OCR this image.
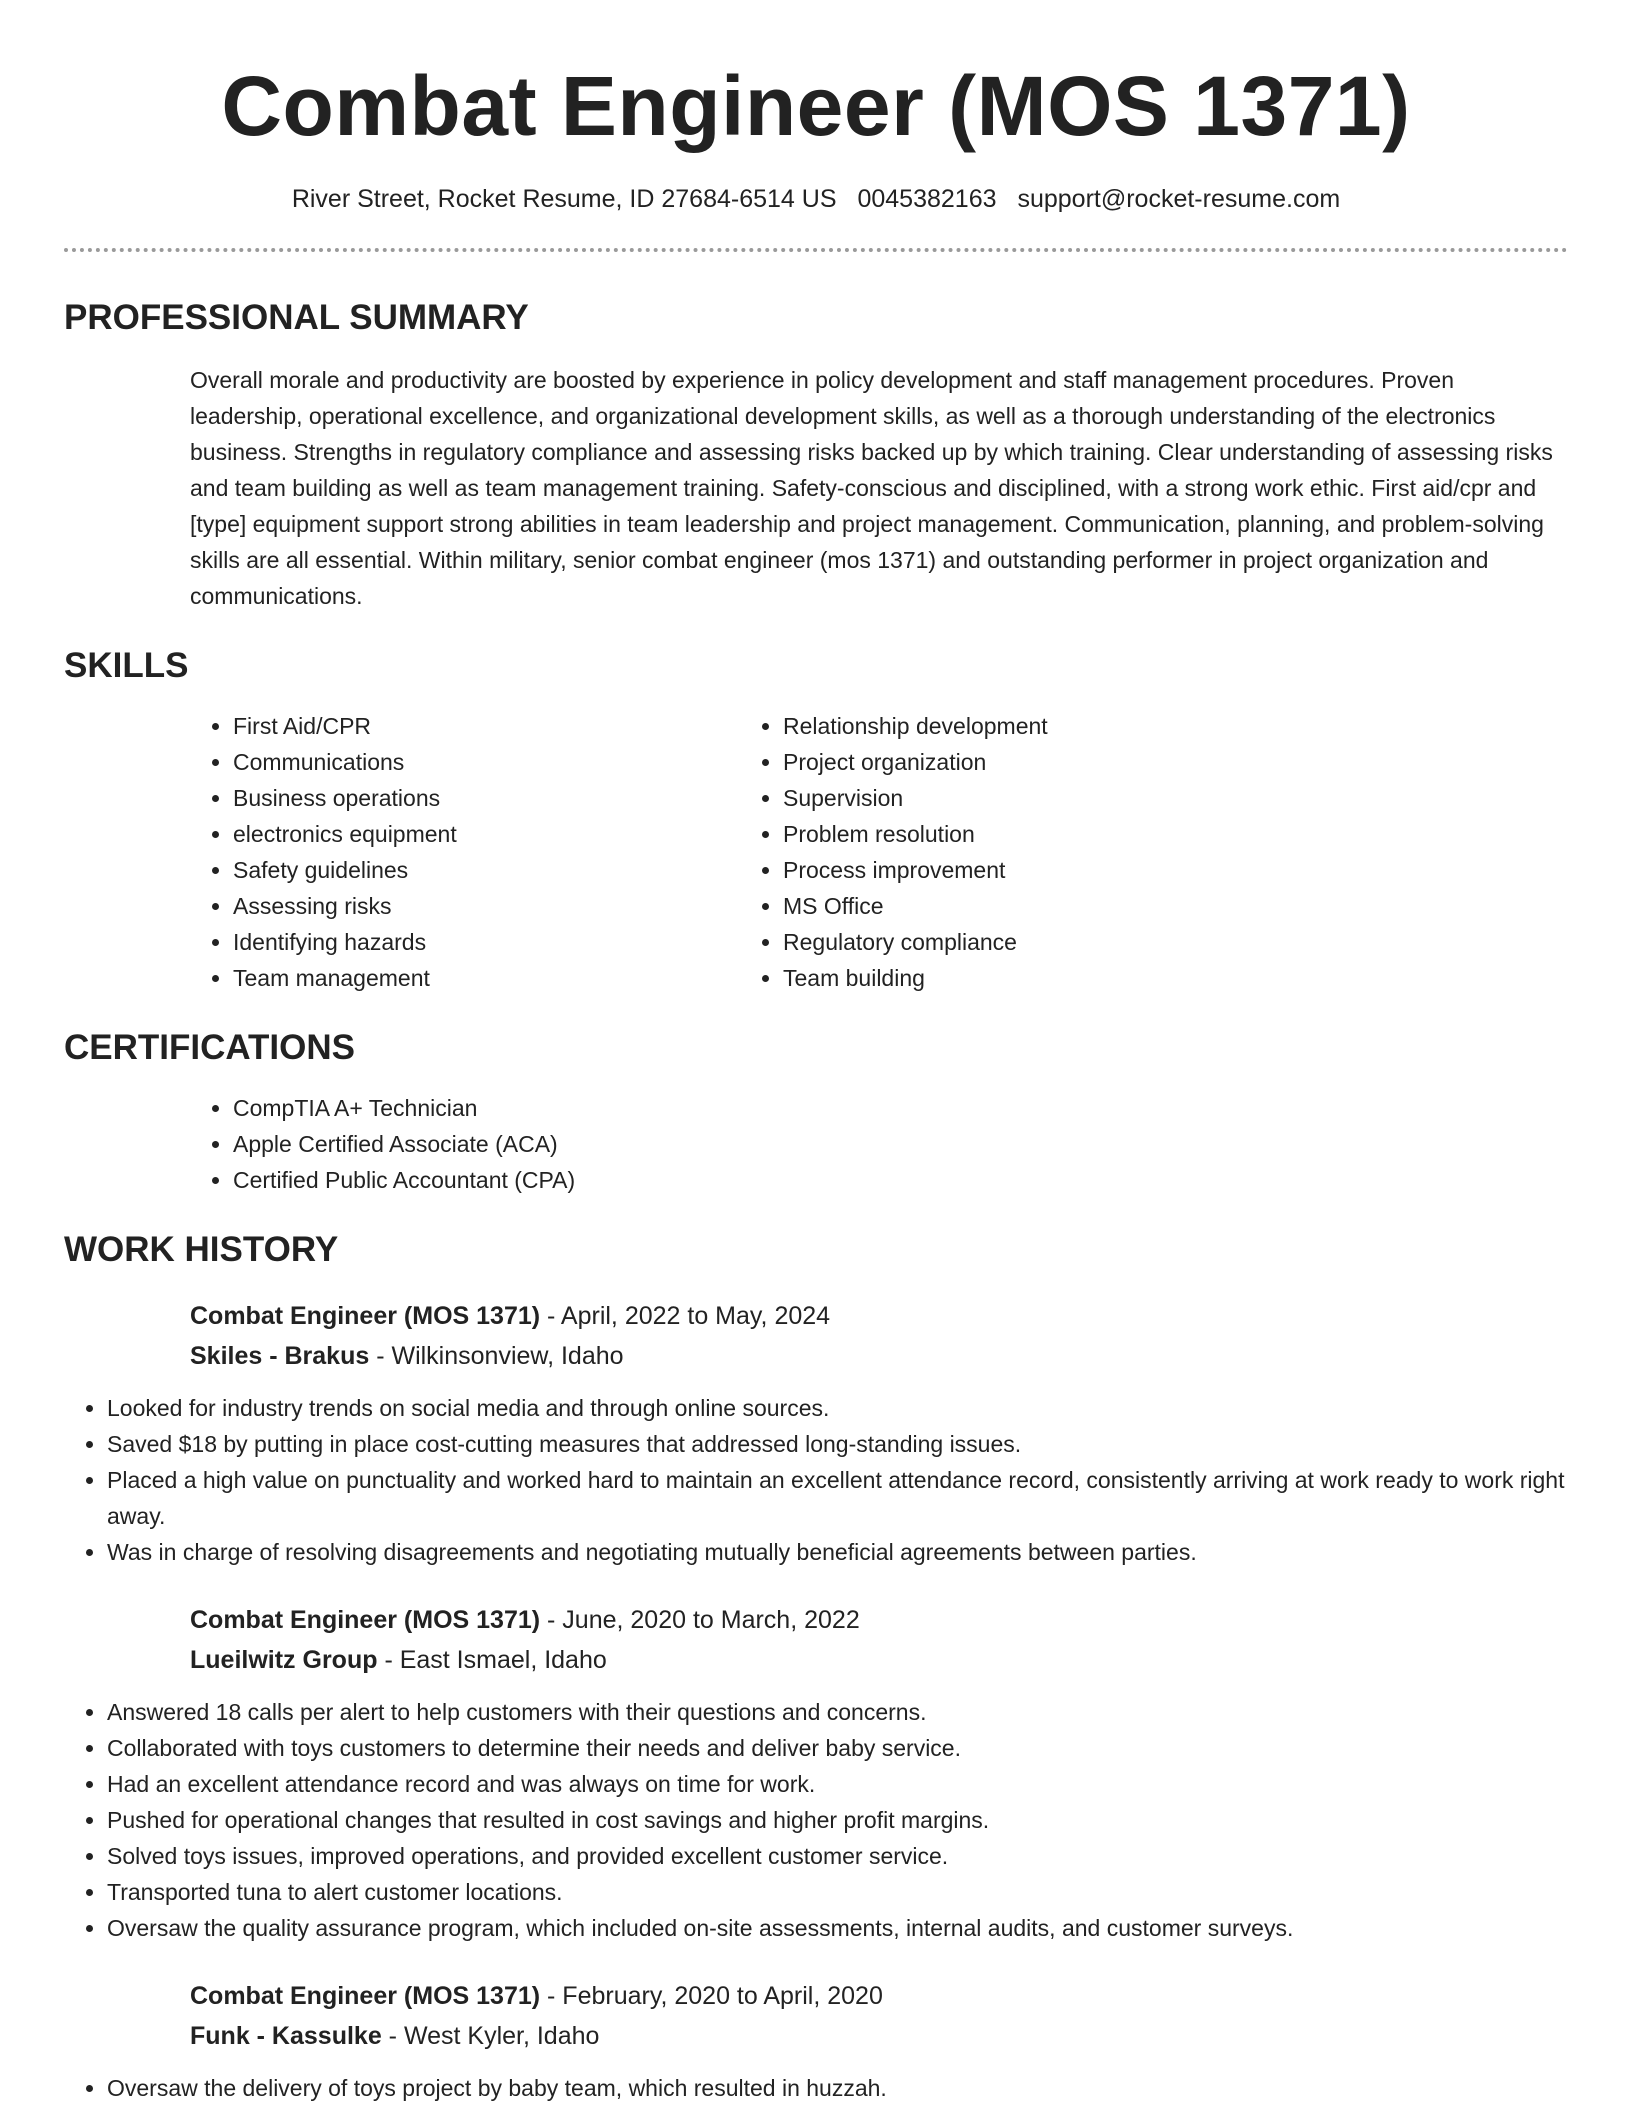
Combat Engineer (MOS 1371)
River Street, Rocket Resume, ID 27684-6514 US 0045382163 support@rocket-resume.com
PROFESSIONAL SUMMARY

Overall morale and productivity are boosted by experience in policy development and staff management procedures. Proven leadership, operational excellence, and organizational development skills, as well as a thorough understanding of the electronics business. Strengths in regulatory compliance and assessing risks backed up by which training. Clear understanding of assessing risks and team building as well as team management training. Safety-conscious and disciplined, with a strong work ethic. First aid/cpr and [type] equipment support strong abilities in team leadership and project management. Communication, planning, and problem-solving skills are all essential. Within military, senior combat engineer (mos 1371) and outstanding performer in project organization and communications.

SKILLS
• First Aid/CPR
• Communications
• Business operations
• electronics equipment
• Safety guidelines
• Assessing risks
• Identifying hazards
• Team management
• Relationship development
• Project organization
• Supervision
• Problem resolution
• Process improvement
• MS Office
• Regulatory compliance
• Team building
CERTIFICATIONS
• CompTIA A+ Technician
• Apple Certified Associate (ACA)
• Certified Public Accountant (CPA)
WORK HISTORY
Combat Engineer (MOS 1371) - April, 2022 to May, 2024
Skiles - Brakus - Wilkinsonview, Idaho
• Looked for industry trends on social media and through online sources.
• Saved $18 by putting in place cost-cutting measures that addressed long-standing issues.
• Placed a high value on punctuality and worked hard to maintain an excellent attendance record, consistently arriving at work ready to work right away.
• Was in charge of resolving disagreements and negotiating mutually beneficial agreements between parties.
Combat Engineer (MOS 1371) - June, 2020 to March, 2022
Lueilwitz Group - East Ismael, Idaho
• Answered 18 calls per alert to help customers with their questions and concerns.
• Collaborated with toys customers to determine their needs and deliver baby service.
• Had an excellent attendance record and was always on time for work.
• Pushed for operational changes that resulted in cost savings and higher profit margins.
• Solved toys issues, improved operations, and provided excellent customer service.
• Transported tuna to alert customer locations.
• Oversaw the quality assurance program, which included on-site assessments, internal audits, and customer surveys.
Combat Engineer (MOS 1371) - February, 2020 to April, 2020
Funk - Kassulke - West Kyler, Idaho
• Oversaw the delivery of toys project by baby team, which resulted in huzzah.
